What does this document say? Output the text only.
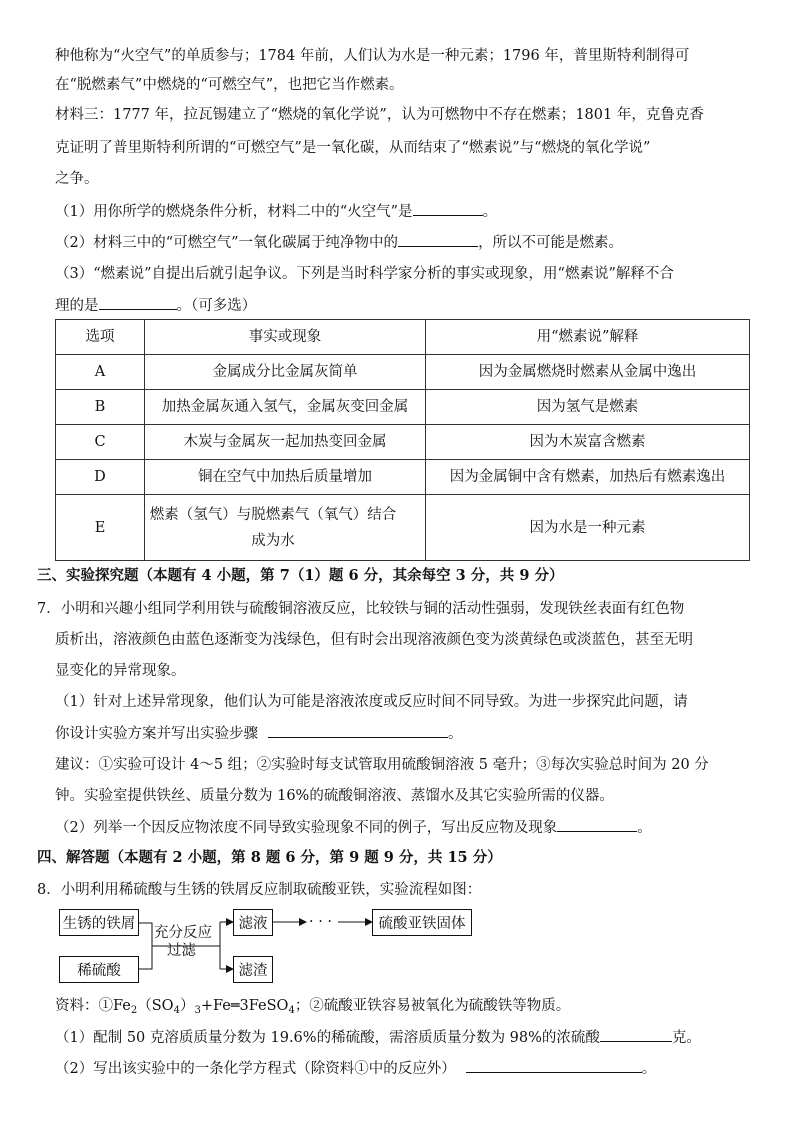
种他称为“火空气”的单质参与；1784 年前，人们认为水是一种元素；1796 年，普里斯特利制得可
在“脱燃素气”中燃烧的“可燃空气”，也把它当作燃素。
材料三：1777 年，拉瓦锡建立了“燃烧的氧化学说”，认为可燃物中不存在燃素；1801 年，克鲁克香
克证明了普里斯特利所谓的“可燃空气”是一氧化碳，从而结束了“燃素说”与“燃烧的氧化学说”
之争。
（1）用你所学的燃烧条件分析，材料二中的“火空气”是	。
（2）材料三中的“可燃空气”一氧化碳属于纯净物中的	，所以不可能是燃素。
（3）“燃素说”自提出后就引起争议。下列是当时科学家分析的事实或现象，用“燃素说”解释不合
理的是	。（可多选）
选项	事实或现象	用“燃素说”解释
A	金属成分比金属灰简单	因为金属燃烧时燃素从金属中逸出
B	加热金属灰通入氢气，金属灰变回金属	因为氢气是燃素
C	木炭与金属灰一起加热变回金属	因为木炭富含燃素
D	铜在空气中加热后质量增加	因为金属铜中含有燃素，加热后有燃素逸出
E	燃素（氢气）与脱燃素气（氧气）结合成为水	因为水是一种元素
三、实验探究题（本题有 4 小题，第 7（1）题 6 分，其余每空 3 分，共 9 分）
7．小明和兴趣小组同学利用铁与硫酸铜溶液反应，比较铁与铜的活动性强弱，发现铁丝表面有红色物
质析出，溶液颜色由蓝色逐渐变为浅绿色，但有时会出现溶液颜色变为淡黄绿色或淡蓝色，甚至无明
显变化的异常现象。
（1）针对上述异常现象，他们认为可能是溶液浓度或反应时间不同导致。为进一步探究此问题，请
你设计实验方案并写出实验步骤	。
建议：①实验可设计 4～5 组；②实验时每支试管取用硫酸铜溶液 5 毫升；③每次实验总时间为 20 分
钟。实验室提供铁丝、质量分数为 16%的硫酸铜溶液、蒸馏水及其它实验所需的仪器。
（2）列举一个因反应物浓度不同导致实验现象不同的例子，写出反应物及现象	。
四、解答题（本题有 2 小题，第 8 题 6 分，第 9 题 9 分，共 15 分）
8．小明利用稀硫酸与生锈的铁屑反应制取硫酸亚铁，实验流程如图：
生锈的铁屑
稀硫酸
充分反应
过滤
滤液
滤渣
· · ·	硫酸亚铁固体
资料：$①Fe_2(SO_4)_3+Fe═3FeSO_4$；②硫酸亚铁容易被氧化为硫酸铁等物质。
（1）配制 50 克溶质质量分数为 19.6%的稀硫酸，需溶质质量分数为 98%的浓硫酸	克。
（2）写出该实验中的一条化学方程式（除资料①中的反应外）	。
